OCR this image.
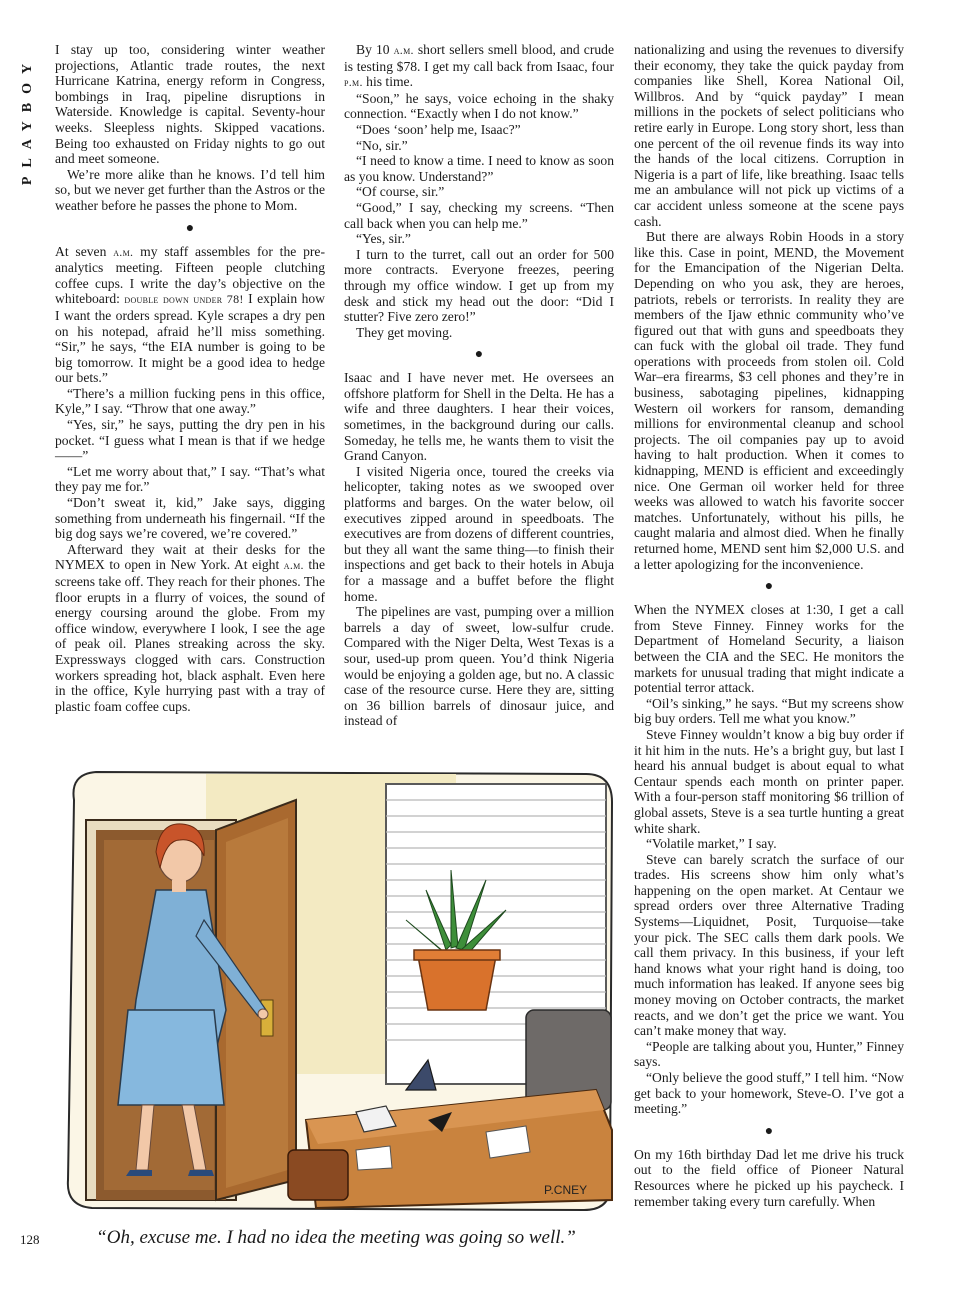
PLAYBOY

I stay up too, considering winter weather projections, Atlantic trade routes, the next Hurricane Katrina, energy reform in Congress, bombings in Iraq, pipeline disruptions in Waterside. Knowledge is capital. Seventy-hour weeks. Sleepless nights. Skipped vacations. Being too exhausted on Friday nights to go out and meet someone.

We’re more alike than he knows. I’d tell him so, but we never get further than the Astros or the weather before he passes the phone to Mom.

●

At seven a.m. my staff assembles for the pre-analytics meeting. Fifteen people clutching coffee cups. I write the day’s objective on the whiteboard: double down under 78! I explain how I want the orders spread. Kyle scrapes a dry pen on his notepad, afraid he’ll miss something. “Sir,” he says, “the EIA number is going to be big tomorrow. It might be a good idea to hedge our bets.”

“There’s a million fucking pens in this office, Kyle,” I say. “Throw that one away.”

“Yes, sir,” he says, putting the dry pen in his pocket. “I guess what I mean is that if we hedge——”

“Let me worry about that,” I say. “That’s what they pay me for.”

“Don’t sweat it, kid,” Jake says, digging something from underneath his fingernail. “If the big dog says we’re covered, we’re covered.”

Afterward they wait at their desks for the NYMEX to open in New York. At eight a.m. the screens take off. They reach for their phones. The floor erupts in a flurry of voices, the sound of energy coursing around the globe. From my office window, everywhere I look, I see the age of peak oil. Planes streaking across the sky. Expressways clogged with cars. Construction workers spreading hot, black asphalt. Even here in the office, Kyle hurrying past with a tray of plastic foam coffee cups.

By 10 a.m. short sellers smell blood, and crude is testing $78. I get my call back from Isaac, four p.m. his time.

“Soon,” he says, voice echoing in the shaky connection. “Exactly when I do not know.”

“Does ‘soon’ help me, Isaac?”

“No, sir.”

“I need to know a time. I need to know as soon as you know. Understand?”

“Of course, sir.”

“Good,” I say, checking my screens. “Then call back when you can help me.”

“Yes, sir.”

I turn to the turret, call out an order for 500 more contracts. Everyone freezes, peering through my office window. I get up from my desk and stick my head out the door: “Did I stutter? Five zero zero!”

They get moving.

●

Isaac and I have never met. He oversees an offshore platform for Shell in the Delta. He has a wife and three daughters. I hear their voices, sometimes, in the background during our calls. Someday, he tells me, he wants them to visit the Grand Canyon.

I visited Nigeria once, toured the creeks via helicopter, taking notes as we swooped over platforms and barges. On the water below, oil executives zipped around in speedboats. The executives are from dozens of different countries, but they all want the same thing—to finish their inspections and get back to their hotels in Abuja for a massage and a buffet before the flight home.

The pipelines are vast, pumping over a million barrels a day of sweet, low-sulfur crude. Compared with the Niger Delta, West Texas is a sour, used-up prom queen. You’d think Nigeria would be enjoying a golden age, but no. A classic case of the resource curse. Here they are, sitting on 36 billion barrels of dinosaur juice, and instead of

nationalizing and using the revenues to diversify their economy, they take the quick payday from companies like Shell, Korea National Oil, Willbros. And by “quick payday” I mean millions in the pockets of select politicians who retire early in Europe. Long story short, less than one percent of the oil revenue finds its way into the hands of the local citizens. Corruption in Nigeria is a part of life, like breathing. Isaac tells me an ambulance will not pick up victims of a car accident unless someone at the scene pays cash.

But there are always Robin Hoods in a story like this. Case in point, MEND, the Movement for the Emancipation of the Nigerian Delta. Depending on who you ask, they are heroes, patriots, rebels or terrorists. In reality they are members of the Ijaw ethnic community who’ve figured out that with guns and speedboats they can fuck with the global oil trade. They fund operations with proceeds from stolen oil. Cold War–era firearms, $3 cell phones and they’re in business, sabotaging pipelines, kidnapping Western oil workers for ransom, demanding millions for environmental cleanup and school projects. The oil companies pay up to avoid having to halt production. When it comes to kidnapping, MEND is efficient and exceedingly nice. One German oil worker held for three weeks was allowed to watch his favorite soccer matches. Unfortunately, without his pills, he caught malaria and almost died. When he finally returned home, MEND sent him $2,000 U.S. and a letter apologizing for the inconvenience.

●

When the NYMEX closes at 1:30, I get a call from Steve Finney. Finney works for the Department of Homeland Security, a liaison between the CIA and the SEC. He monitors the markets for unusual trading that might indicate a potential terror attack.

“Oil’s sinking,” he says. “But my screens show big buy orders. Tell me what you know.”

Steve Finney wouldn’t know a big buy order if it hit him in the nuts. He’s a bright guy, but last I heard his annual budget is about equal to what Centaur spends each month on printer paper. With a four-person staff monitoring $6 trillion of global assets, Steve is a sea turtle hunting a great white shark.

“Volatile market,” I say.

Steve can barely scratch the surface of our trades. His screens show him only what’s happening on the open market. At Centaur we spread orders over three Alternative Trading Systems—Liquidnet, Posit, Turquoise—take your pick. The SEC calls them dark pools. We call them privacy. In this business, if your left hand knows what your right hand is doing, too much information has leaked. If anyone sees big money moving on October contracts, the market reacts, and we don’t get the price we want. You can’t make money that way.

“People are talking about you, Hunter,” Finney says.

“Only believe the good stuff,” I tell him. “Now get back to your homework, Steve-O. I’ve got a meeting.”

●

On my 16th birthday Dad let me drive his truck out to the field office of Pioneer Natural Resources where he picked up his paycheck. I remember taking every turn carefully. When

P.CNEY
128	“Oh, excuse me. I had no idea the meeting was going so well.”
